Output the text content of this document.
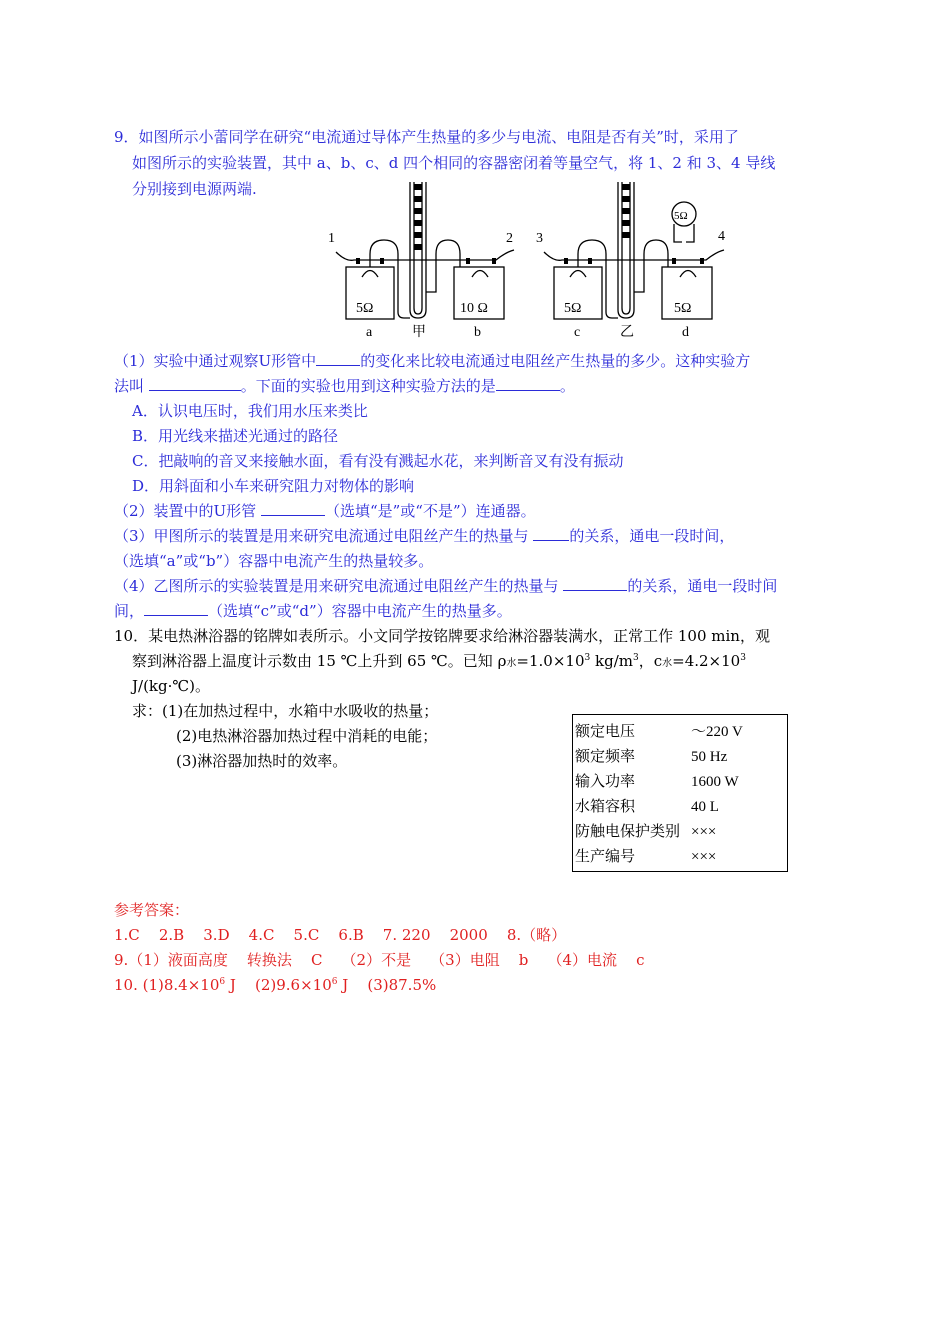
9．如图所示小蕾同学在研究“电流通过导体产生热量的多少与电流、电阻是否有关”时，采用了
如图所示的实验装置，其中 a、b、c、d 四个相同的容器密闭着等量空气，将 1、2 和 3、4 导线
分别接到电源两端.
1	2 3	4
5Ω	10 Ω	5Ω	5Ω
5Ω
a	b	c	d
甲	乙
（1）实验中通过观察U形管中	的变化来比较电流通过电阻丝产生热量的多少。这种实验方
法叫	。下面的实验也用到这种实验方法的是	。
A．认识电压时，我们用水压来类比
B．用光线来描述光通过的路径
C．把敲响的音叉来接触水面，看有没有溅起水花，来判断音叉有没有振动
D．用斜面和小车来研究阻力对物体的影响
（2）装置中的U形管	（选填“是”或“不是”）连通器。
（3）甲图所示的装置是用来研究电流通过电阻丝产生的热量与	的关系，通电一段时间，
（选填“a”或“b”）容器中电流产生的热量较多。
（4）乙图所示的实验装置是用来研究电流通过电阻丝产生的热量与	的关系，通电一段时间
间，	（选填“c”或“d”）容器中电流产生的热量多。
10．某电热淋浴器的铭牌如表所示。小文同学按铭牌要求给淋浴器装满水，正常工作 100 min，观
察到淋浴器上温度计示数由 15 ℃上升到 65 ℃。已知 ρ水$=1.0\times 10^3$ $kg/m^3$，c水$=4.2\times 10^3$
J/(kg·℃)。
求：(1)在加热过程中，水箱中水吸收的热量；
(2)电热淋浴器加热过程中消耗的电能；
(3)淋浴器加热时的效率。
额定电压	～220 V
额定频率	50 Hz
输入功率	1600 W
水箱容积	40 L
防触电保护类别 ×××
生产编号	×××
参考答案：
1.C    2.B    3.D    4.C    5.C    6.B    7. 220    2000    8.（略）
9.（1）液面高度    转换法    C    （2）不是    （3）电阻    b    （4）电流    c
10. $(1)8.4\times 10^6$ J    $(2)9.6\times 10^6$ J    (3)87.5%
